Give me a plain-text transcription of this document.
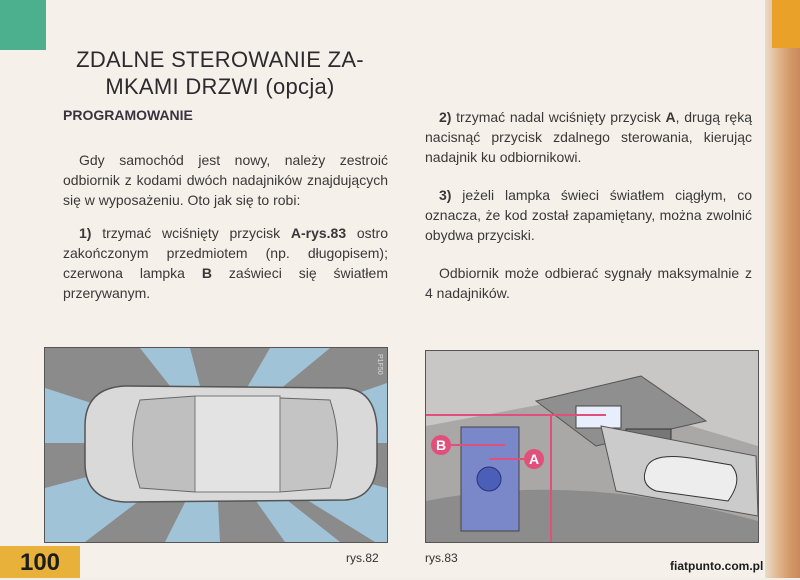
ZDALNE STEROWANIE ZA-
MKAMI DRZWI (opcja)
PROGRAMOWANIE
Gdy samochód jest nowy, należy zestroić odbiornik z kodami dwóch nadajników znajdujących się w wyposażeniu. Oto jak się to robi:
1) trzymać wciśnięty przycisk A-rys.83 ostro zakończonym przedmiotem (np. długopisem); czerwona lampka B zaświeci się światłem przerywanym.
2) trzymać nadal wciśnięty przycisk A, drugą ręką nacisnąć przycisk zdalnego sterowania, kierując nadajnik ku odbiornikowi.
3) jeżeli lampka świeci światłem ciągłym, co oznacza, że kod został zapamiętany, można zwolnić obydwa przyciski.
Odbiornik może odbierać sygnały maksymalnie z 4 nadajników.
P1F50
B
A
rys.82	rys.83
100	fiatpunto.com.pl
